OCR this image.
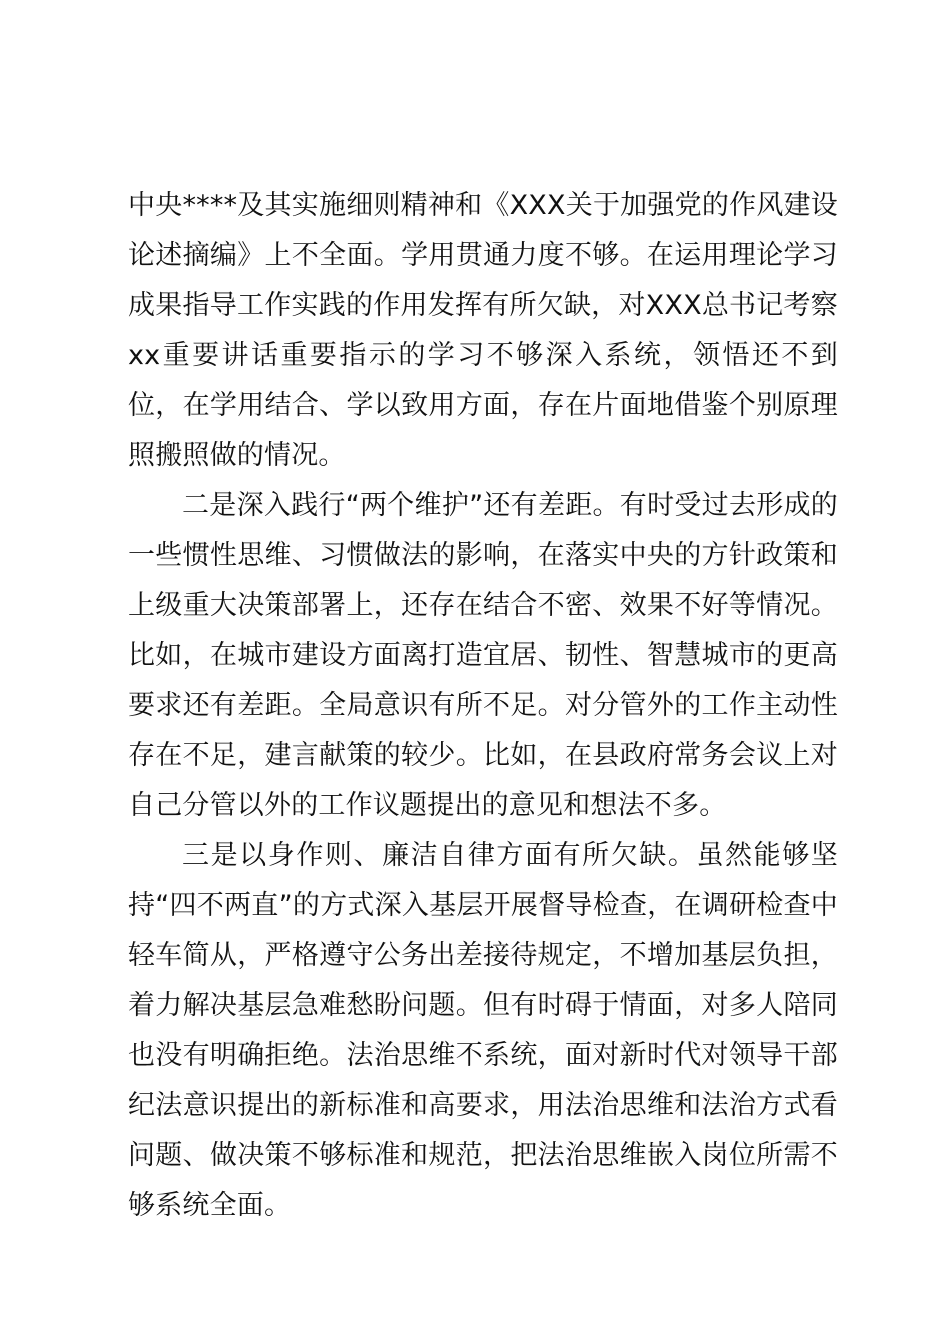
中央****及其实施细则精神和《XXX关于加强党的作风建设论述摘编》上不全面。学用贯通力度不够。在运用理论学习成果指导工作实践的作用发挥有所欠缺，对XXX总书记考察xx重要讲话重要指示的学习不够深入系统，领悟还不到位，在学用结合、学以致用方面，存在片面地借鉴个别原理照搬照做的情况。

二是深入践行“两个维护”还有差距。有时受过去形成的一些惯性思维、习惯做法的影响，在落实中央的方针政策和上级重大决策部署上，还存在结合不密、效果不好等情况。比如，在城市建设方面离打造宜居、韧性、智慧城市的更高要求还有差距。全局意识有所不足。对分管外的工作主动性存在不足，建言献策的较少。比如，在县政府常务会议上对自己分管以外的工作议题提出的意见和想法不多。

三是以身作则、廉洁自律方面有所欠缺。虽然能够坚持“四不两直”的方式深入基层开展督导检查，在调研检查中轻车简从，严格遵守公务出差接待规定，不增加基层负担，着力解决基层急难愁盼问题。但有时碍于情面，对多人陪同也没有明确拒绝。法治思维不系统，面对新时代对领导干部纪法意识提出的新标准和高要求，用法治思维和法治方式看问题、做决策不够标准和规范，把法治思维嵌入岗位所需不够系统全面。
